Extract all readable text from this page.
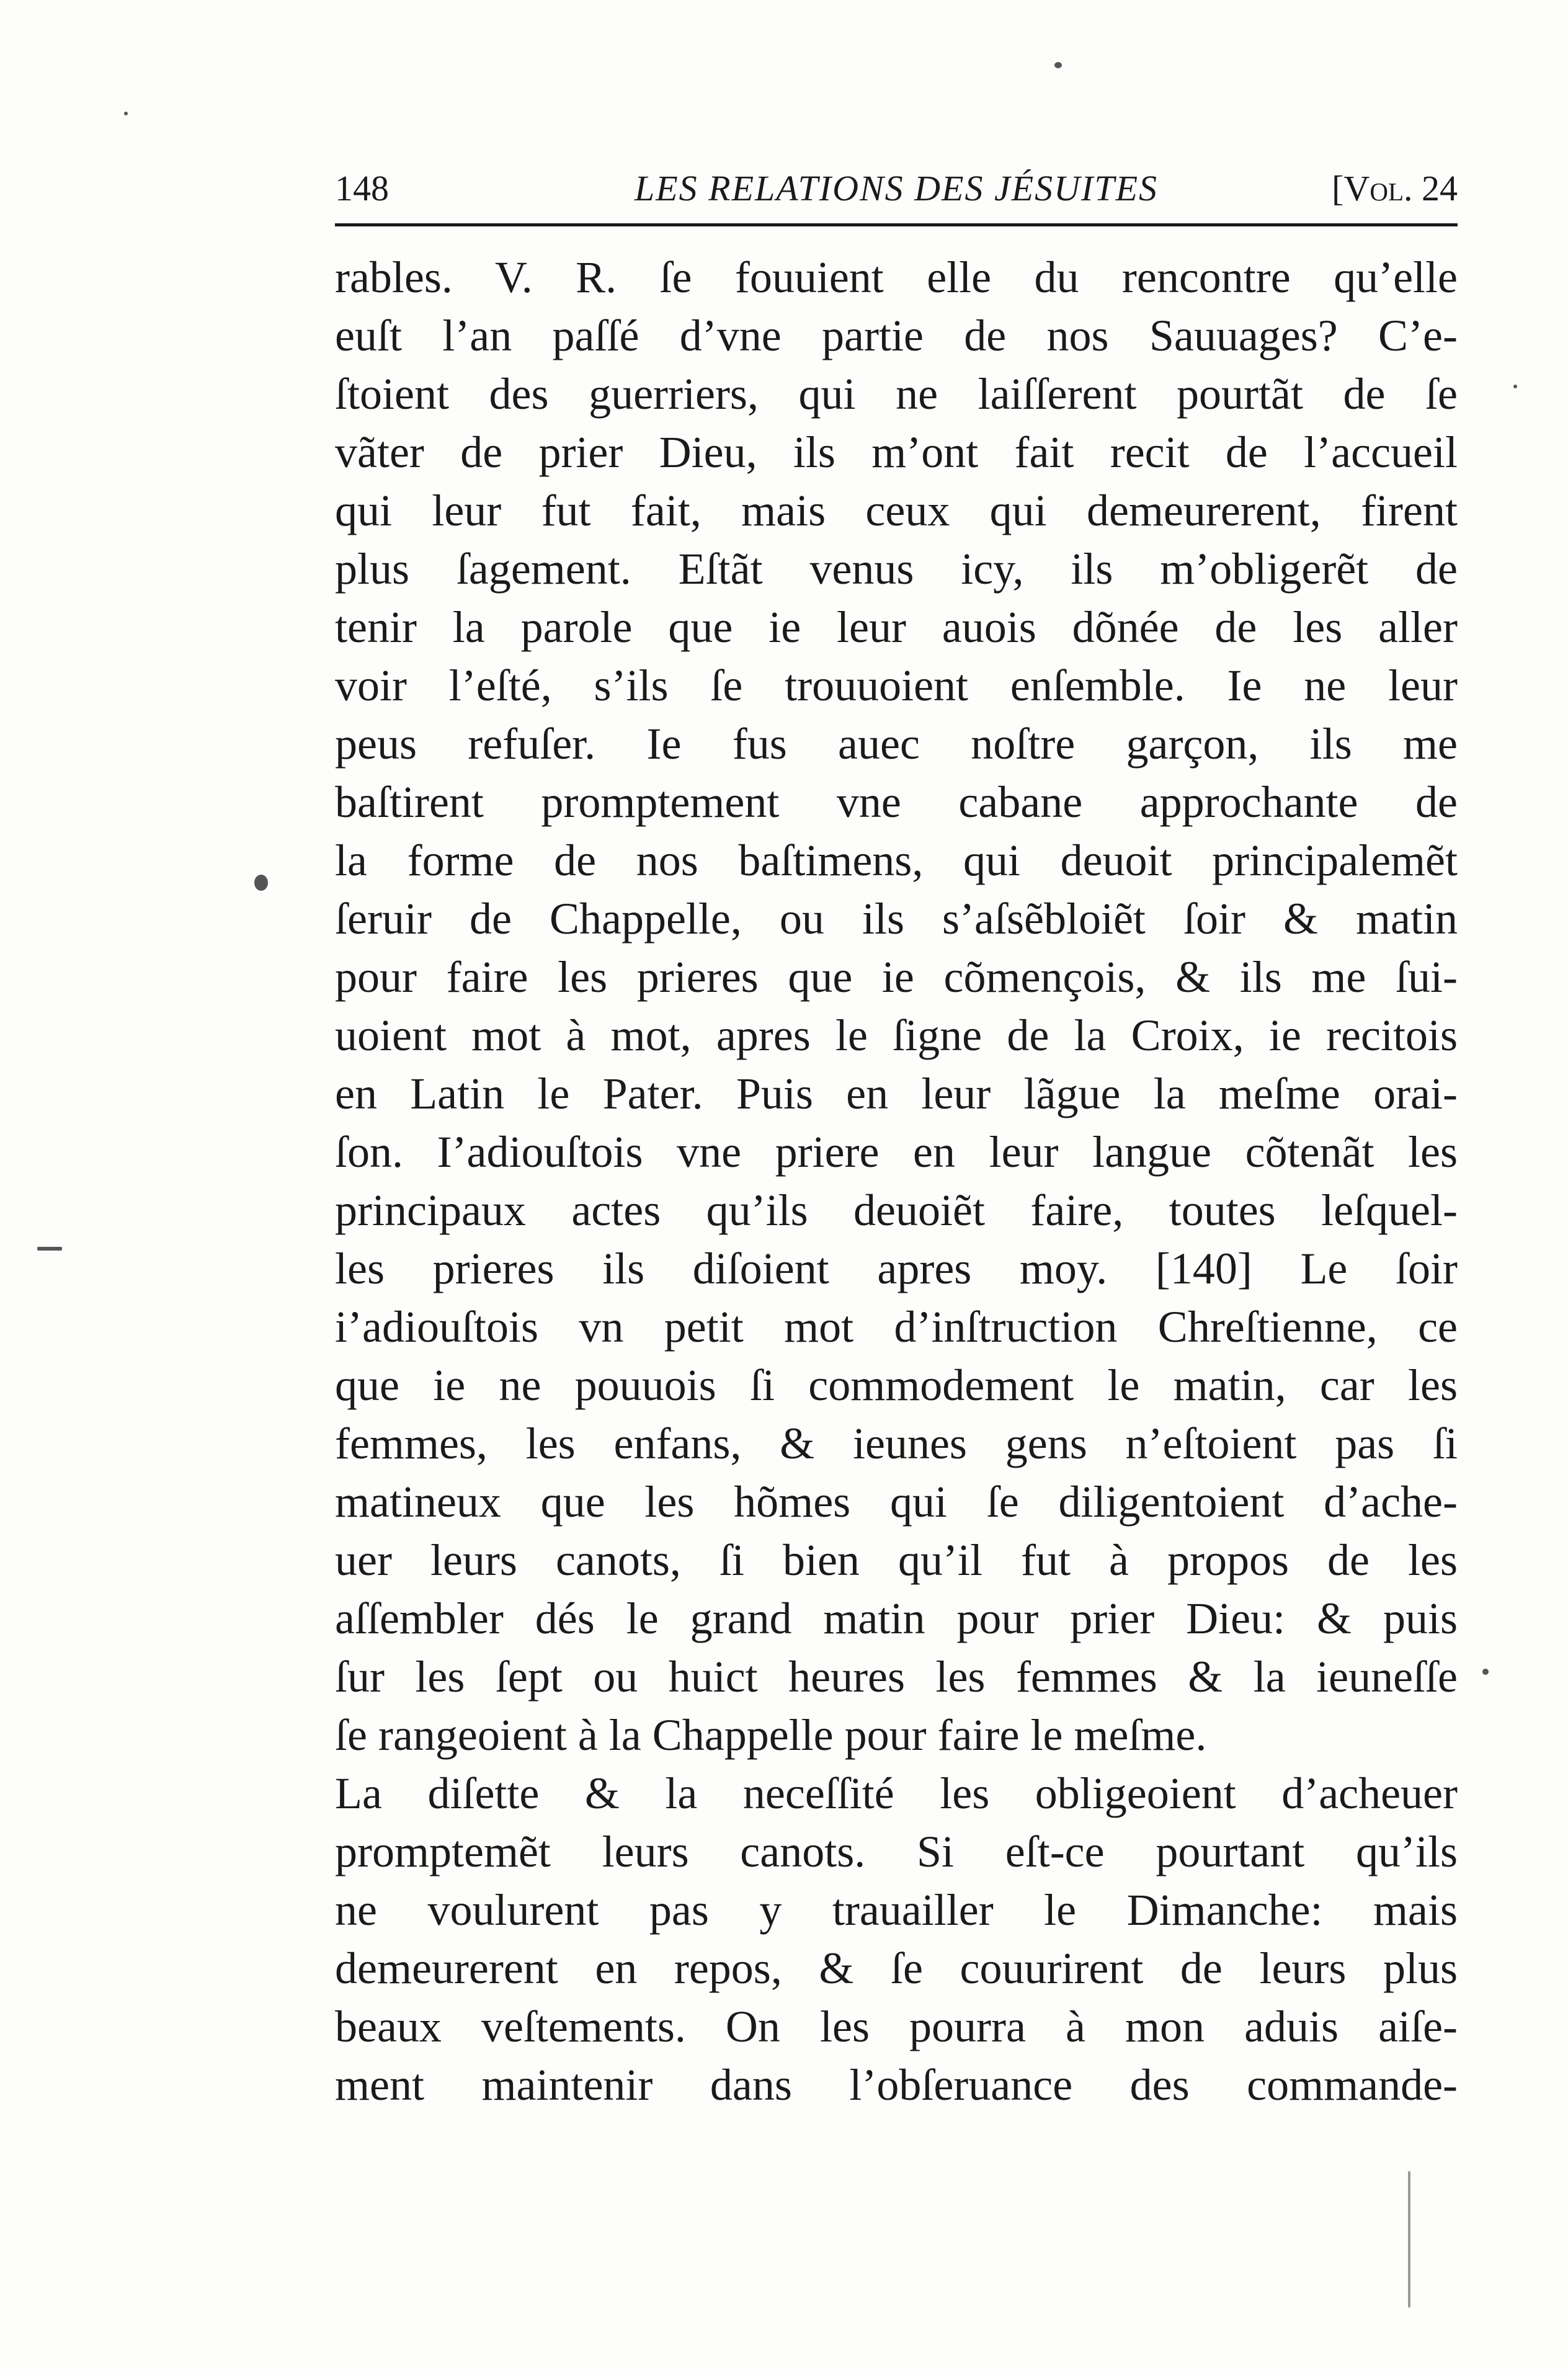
148	LES RELATIONS DES JÉSUITES	[Vol. 24
rables. V. R. ſe fouuient elle du rencontre qu’elle
euſt l’an paſſé d’vne partie de nos Sauuages? C’e-
ſtoient des guerriers, qui ne laiſſerent pourtãt de ſe
vãter de prier Dieu, ils m’ont fait recit de l’accueil
qui leur fut fait, mais ceux qui demeurerent, firent
plus ſagement. Eſtãt venus icy, ils m’obligerẽt de
tenir la parole que ie leur auois dõnée de les aller
voir l’eſté, s’ils ſe trouuoient enſemble. Ie ne leur
peus refuſer. Ie fus auec noſtre garçon, ils me
baſtirent promptement vne cabane approchante de
la forme de nos baſtimens, qui deuoit principalemẽt
ſeruir de Chappelle, ou ils s’aſsẽbloiẽt ſoir & matin
pour faire les prieres que ie cõmençois, & ils me ſui-
uoient mot à mot, apres le ſigne de la Croix, ie recitois
en Latin le Pater. Puis en leur lãgue la meſme orai-
ſon. I’adiouſtois vne priere en leur langue cõtenãt les
principaux actes qu’ils deuoiẽt faire, toutes leſquel-
les prieres ils diſoient apres moy. [140] Le ſoir
i’adiouſtois vn petit mot d’inſtruction Chreſtienne, ce
que ie ne pouuois ſi commodement le matin, car les
femmes, les enfans, & ieunes gens n’eſtoient pas ſi
matineux que les hõmes qui ſe diligentoient d’ache-
uer leurs canots, ſi bien qu’il fut à propos de les
aſſembler dés le grand matin pour prier Dieu: & puis
ſur les ſept ou huict heures les femmes & la ieuneſſe
ſe rangeoient à la Chappelle pour faire le meſme.
La diſette & la neceſſité les obligeoient d’acheuer
promptemẽt leurs canots. Si eſt-ce pourtant qu’ils
ne voulurent pas y trauailler le Dimanche: mais
demeurerent en repos, & ſe couurirent de leurs plus
beaux veſtements. On les pourra à mon aduis aiſe-
ment maintenir dans l’obſeruance des commande-
